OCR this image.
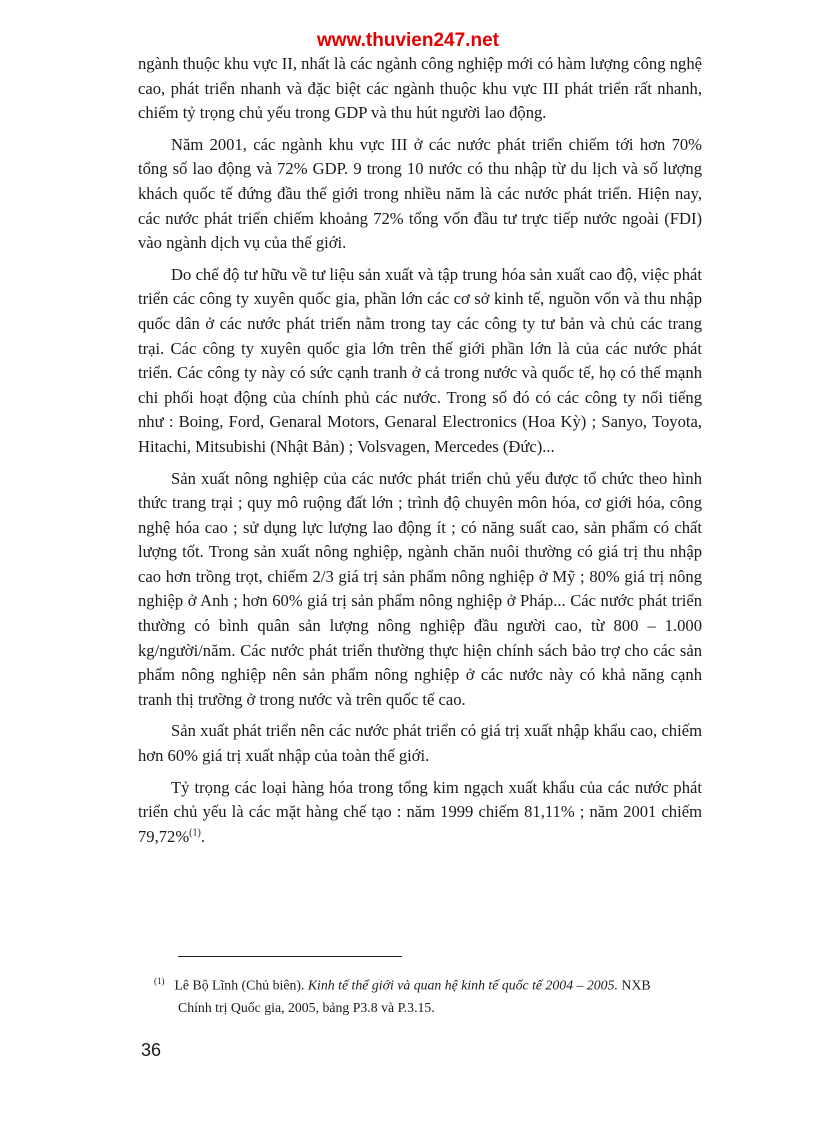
www.thuvien247.net

ngành thuộc khu vực II, nhất là các ngành công nghiệp mới có hàm lượng công nghệ cao, phát triển nhanh và đặc biệt các ngành thuộc khu vực III phát triển rất nhanh, chiếm tỷ trọng chủ yếu trong GDP và thu hút người lao động.

Năm 2001, các ngành khu vực III ở các nước phát triển chiếm tới hơn 70% tổng số lao động và 72% GDP. 9 trong 10 nước có thu nhập từ du lịch và số lượng khách quốc tế đứng đầu thế giới trong nhiều năm là các nước phát triển. Hiện nay, các nước phát triển chiếm khoảng 72% tổng vốn đầu tư trực tiếp nước ngoài (FDI) vào ngành dịch vụ của thế giới.

Do chế độ tư hữu về tư liệu sản xuất và tập trung hóa sản xuất cao độ, việc phát triển các công ty xuyên quốc gia, phần lớn các cơ sở kinh tế, nguồn vốn và thu nhập quốc dân ở các nước phát triển nằm trong tay các công ty tư bản và chủ các trang trại. Các công ty xuyên quốc gia lớn trên thế giới phần lớn là của các nước phát triển. Các công ty này có sức cạnh tranh ở cả trong nước và quốc tế, họ có thế mạnh chi phối hoạt động của chính phủ các nước. Trong số đó có các công ty nổi tiếng như : Boing, Ford, Genaral Motors, Genaral Electronics (Hoa Kỳ) ; Sanyo, Toyota, Hitachi, Mitsubishi (Nhật Bản) ; Volsvagen, Mercedes (Đức)...

Sản xuất nông nghiệp của các nước phát triển chủ yếu được tổ chức theo hình thức trang trại ; quy mô ruộng đất lớn ; trình độ chuyên môn hóa, cơ giới hóa, công nghệ hóa cao ; sử dụng lực lượng lao động ít ; có năng suất cao, sản phẩm có chất lượng tốt. Trong sản xuất nông nghiệp, ngành chăn nuôi thường có giá trị thu nhập cao hơn trồng trọt, chiếm 2/3 giá trị sản phẩm nông nghiệp ở Mỹ ; 80% giá trị nông nghiệp ở Anh ; hơn 60% giá trị sản phẩm nông nghiệp ở Pháp... Các nước phát triển thường có bình quân sản lượng nông nghiệp đầu người cao, từ 800 – 1.000 kg/người/năm. Các nước phát triển thường thực hiện chính sách bảo trợ cho các sản phẩm nông nghiệp nên sản phẩm nông nghiệp ở các nước này có khả năng cạnh tranh thị trường ở trong nước và trên quốc tế cao.

Sản xuất phát triển nên các nước phát triển có giá trị xuất nhập khẩu cao, chiếm hơn 60% giá trị xuất nhập của toàn thế giới.

Tỷ trọng các loại hàng hóa trong tổng kim ngạch xuất khẩu của các nước phát triển chủ yếu là các mặt hàng chế tạo : năm 1999 chiếm 81,11% ; năm 2001 chiếm 79,72%$^{(1)}$.

$^{(1)}$ Lê Bộ Lĩnh (Chủ biên). Kinh tế thế giới và quan hệ kinh tế quốc tế 2004 – 2005. NXB
Chính trị Quốc gia, 2005, bảng P3.8 và P.3.15.
36
